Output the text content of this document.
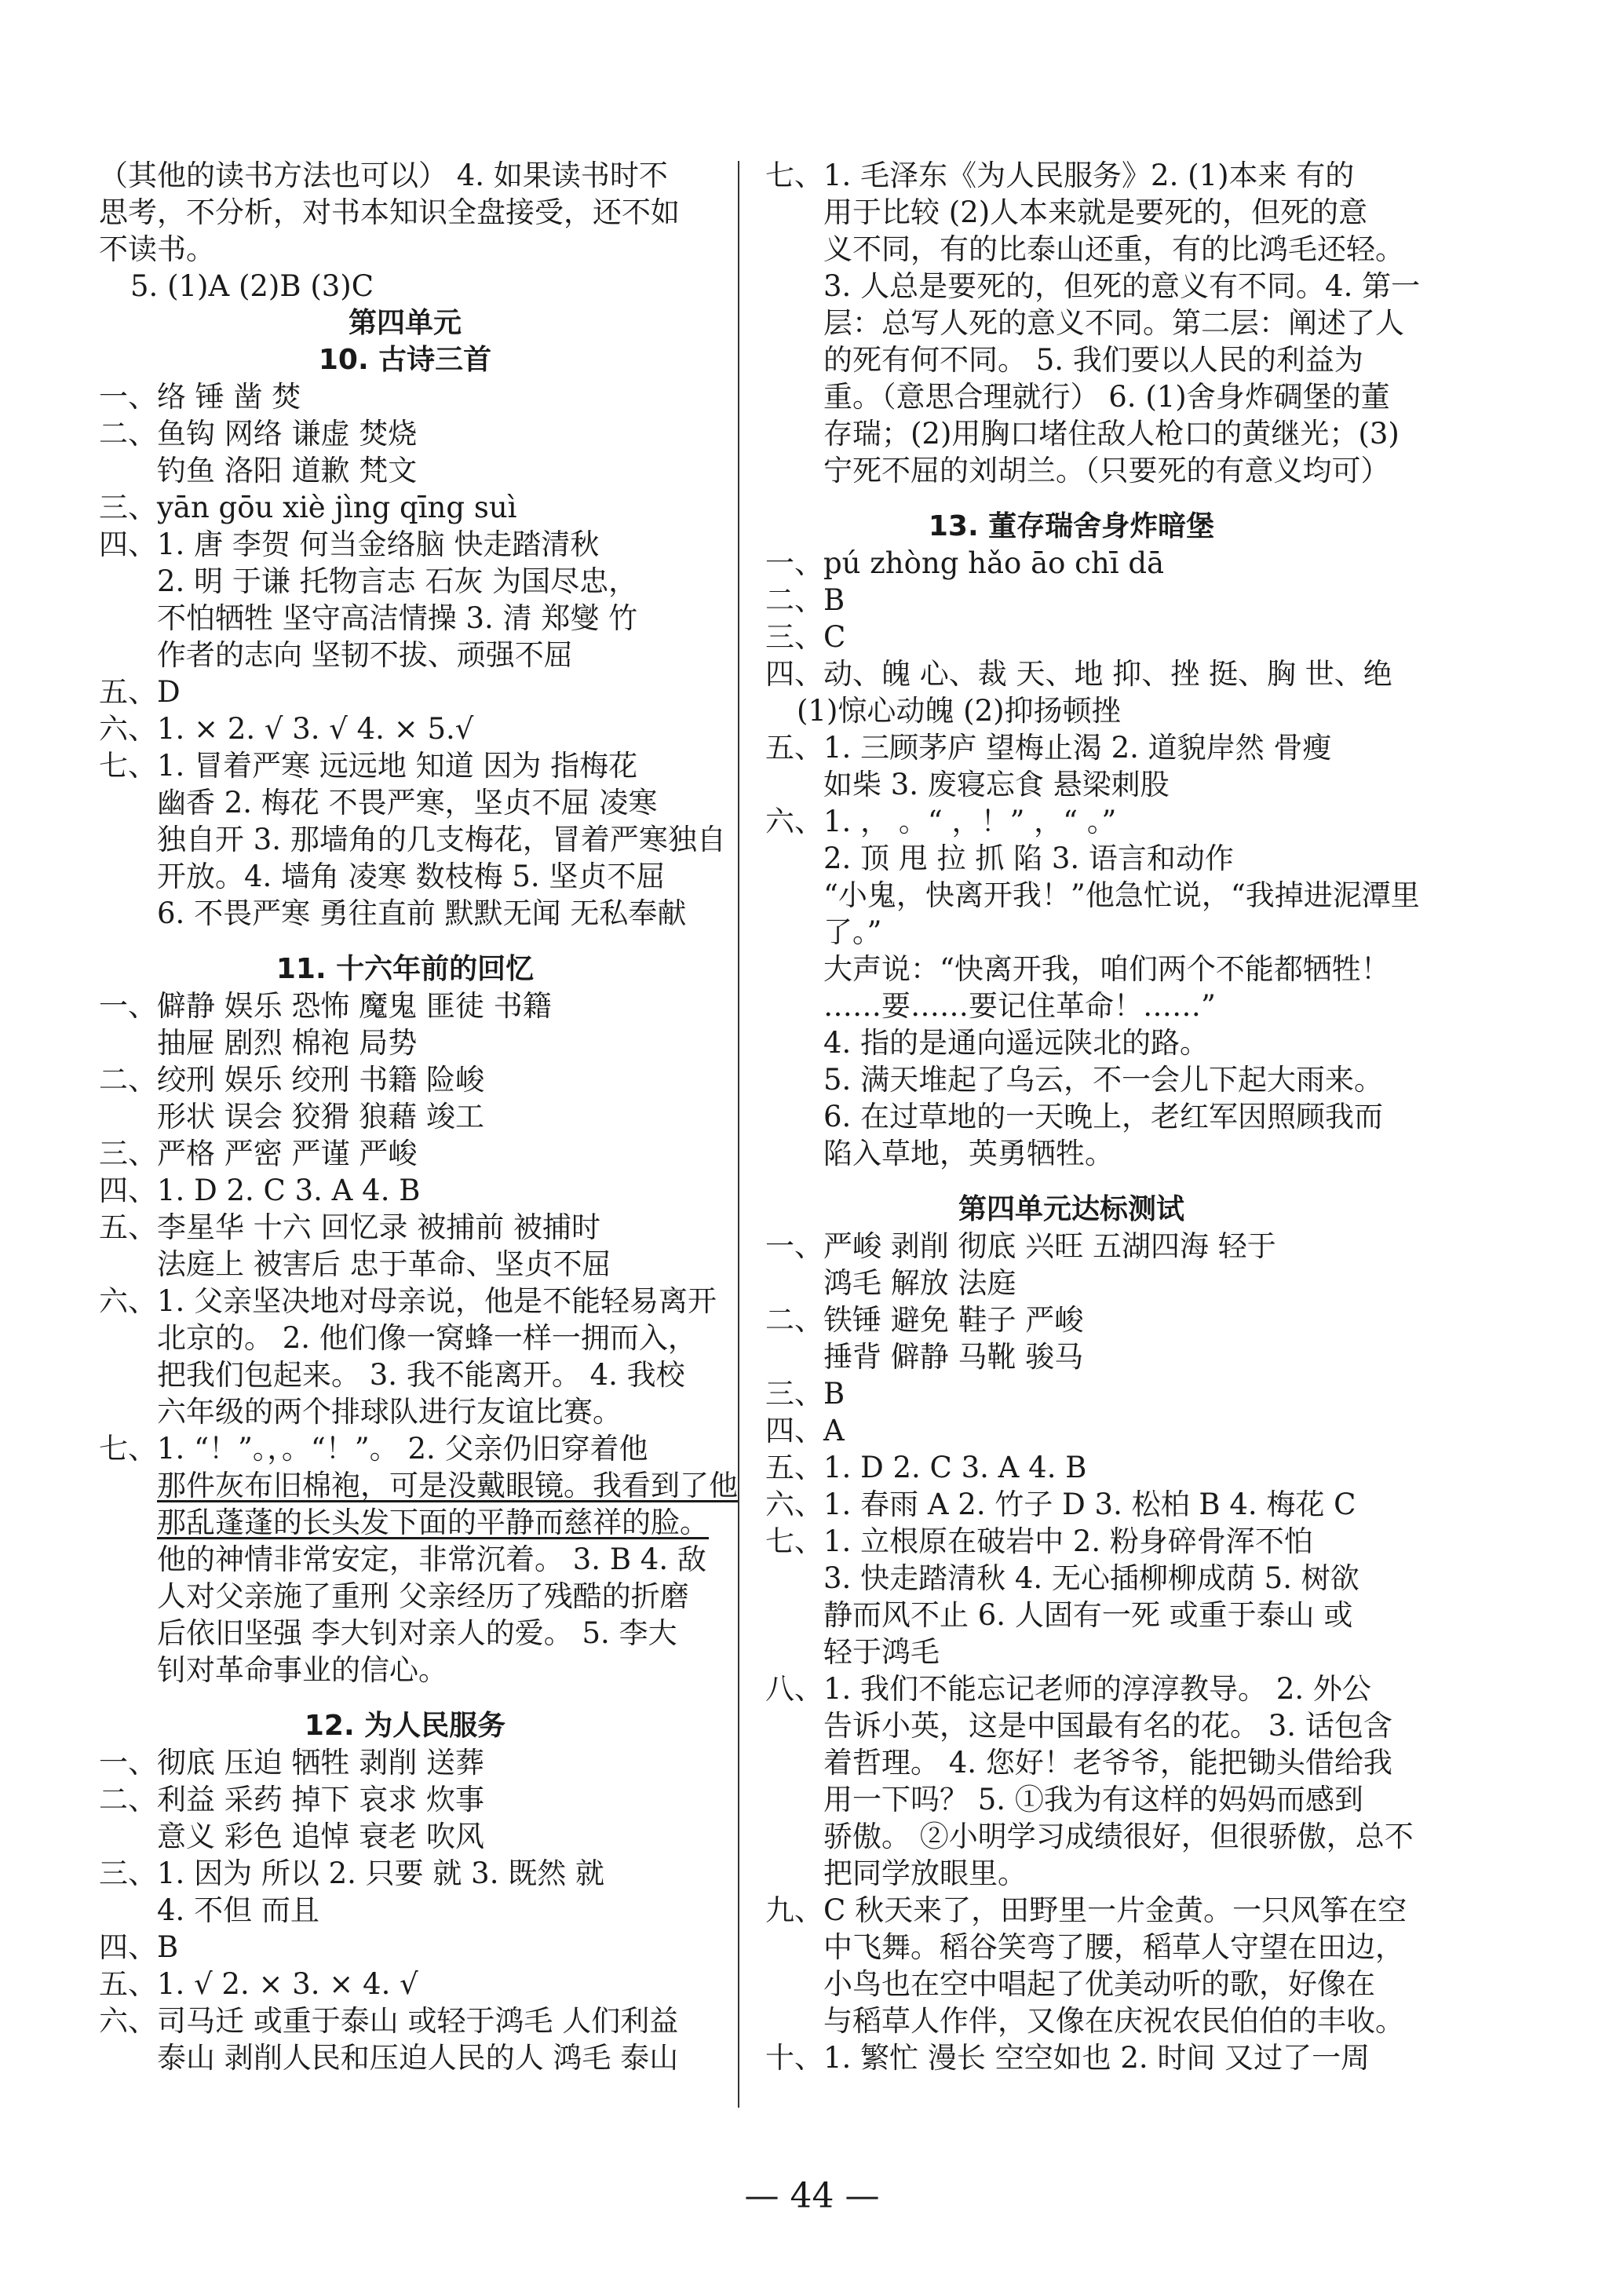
（其他的读书方法也可以） 4. 如果读书时不
思考，不分析，对书本知识全盘接受，还不如
不读书。
5. (1)A (2)B (3)C
第四单元
10. 古诗三首
一、络 锤 凿 焚
二、鱼钩 网络 谦虚 焚烧
钓鱼 洛阳 道歉 梵文
三、yān gōu xiè jìng qīng suì
四、1. 唐 李贺 何当金络脑 快走踏清秋
2. 明 于谦 托物言志 石灰 为国尽忠，
不怕牺牲 坚守高洁情操 3. 清 郑燮 竹
作者的志向 坚韧不拔、顽强不屈
五、D
六、1. × 2. √ 3. √ 4. × 5.√
七、1. 冒着严寒 远远地 知道 因为 指梅花
幽香 2. 梅花 不畏严寒，坚贞不屈 凌寒
独自开 3. 那墙角的几支梅花，冒着严寒独自
开放。4. 墙角 凌寒 数枝梅 5. 坚贞不屈
6. 不畏严寒 勇往直前 默默无闻 无私奉献
11. 十六年前的回忆
一、僻静 娱乐 恐怖 魔鬼 匪徒 书籍
抽屉 剧烈 棉袍 局势
二、绞刑 娱乐 绞刑 书籍 险峻
形状 误会 狡猾 狼藉 竣工
三、严格 严密 严谨 严峻
四、1. D 2. C 3. A 4. B
五、李星华 十六 回忆录 被捕前 被捕时
法庭上 被害后 忠于革命、坚贞不屈
六、1. 父亲坚决地对母亲说，他是不能轻易离开
北京的。 2. 他们像一窝蜂一样一拥而入，
把我们包起来。 3. 我不能离开。 4. 我校
六年级的两个排球队进行友谊比赛。
七、1. “！”。，。“！”。 2. 父亲仍旧穿着他
那件灰布旧棉袍，可是没戴眼镜。我看到了他
那乱蓬蓬的长头发下面的平静而慈祥的脸。
他的神情非常安定，非常沉着。 3. B 4. 敌
人对父亲施了重刑 父亲经历了残酷的折磨
后依旧坚强 李大钊对亲人的爱。 5. 李大
钊对革命事业的信心。
12. 为人民服务
一、彻底 压迫 牺牲 剥削 送葬
二、利益 采药 掉下 哀求 炊事
意义 彩色 追悼 衰老 吹风
三、1. 因为 所以 2. 只要 就 3. 既然 就
4. 不但 而且
四、B
五、1. √ 2. × 3. × 4. √
六、司马迁 或重于泰山 或轻于鸿毛 人们利益
泰山 剥削人民和压迫人民的人 鸿毛 泰山
七、1. 毛泽东《为人民服务》2. (1)本来 有的
用于比较 (2)人本来就是要死的，但死的意
义不同，有的比泰山还重，有的比鸿毛还轻。
3. 人总是要死的，但死的意义有不同。4. 第一
层：总写人死的意义不同。第二层：阐述了人
的死有何不同。 5. 我们要以人民的利益为
重。（意思合理就行） 6. (1)舍身炸碉堡的董
存瑞；(2)用胸口堵住敌人枪口的黄继光；(3)
宁死不屈的刘胡兰。（只要死的有意义均可）
13. 董存瑞舍身炸暗堡
一、pú zhòng hǎo āo chī dā
二、B
三、C
四、动、魄 心、裁 天、地 抑、挫 挺、胸 世、绝
(1)惊心动魄 (2)抑扬顿挫
五、1. 三顾茅庐 望梅止渴 2. 道貌岸然 骨瘦
如柴 3. 废寝忘食 悬梁刺股
六、1. ， 。“ ，！” ，“ 。”
2. 顶 甩 拉 抓 陷 3. 语言和动作
“小鬼，快离开我！”他急忙说，“我掉进泥潭里
了。”
大声说：“快离开我，咱们两个不能都牺牲！
……要……要记住革命！……”
4. 指的是通向遥远陕北的路。
5. 满天堆起了乌云，不一会儿下起大雨来。
6. 在过草地的一天晚上，老红军因照顾我而
陷入草地，英勇牺牲。
第四单元达标测试
一、严峻 剥削 彻底 兴旺 五湖四海 轻于
鸿毛 解放 法庭
二、铁锤 避免 鞋子 严峻
捶背 僻静 马靴 骏马
三、B
四、A
五、1. D 2. C 3. A 4. B
六、1. 春雨 A 2. 竹子 D 3. 松柏 B 4. 梅花 C
七、1. 立根原在破岩中 2. 粉身碎骨浑不怕
3. 快走踏清秋 4. 无心插柳柳成荫 5. 树欲
静而风不止 6. 人固有一死 或重于泰山 或
轻于鸿毛
八、1. 我们不能忘记老师的淳淳教导。 2. 外公
告诉小英，这是中国最有名的花。 3. 话包含
着哲理。 4. 您好！老爷爷，能把锄头借给我
用一下吗？ 5. ①我为有这样的妈妈而感到
骄傲。 ②小明学习成绩很好，但很骄傲，总不
把同学放眼里。
九、C 秋天来了，田野里一片金黄。一只风筝在空
中飞舞。稻谷笑弯了腰，稻草人守望在田边，
小鸟也在空中唱起了优美动听的歌，好像在
与稻草人作伴，又像在庆祝农民伯伯的丰收。
十、1. 繁忙 漫长 空空如也 2. 时间 又过了一周
— 44 —
